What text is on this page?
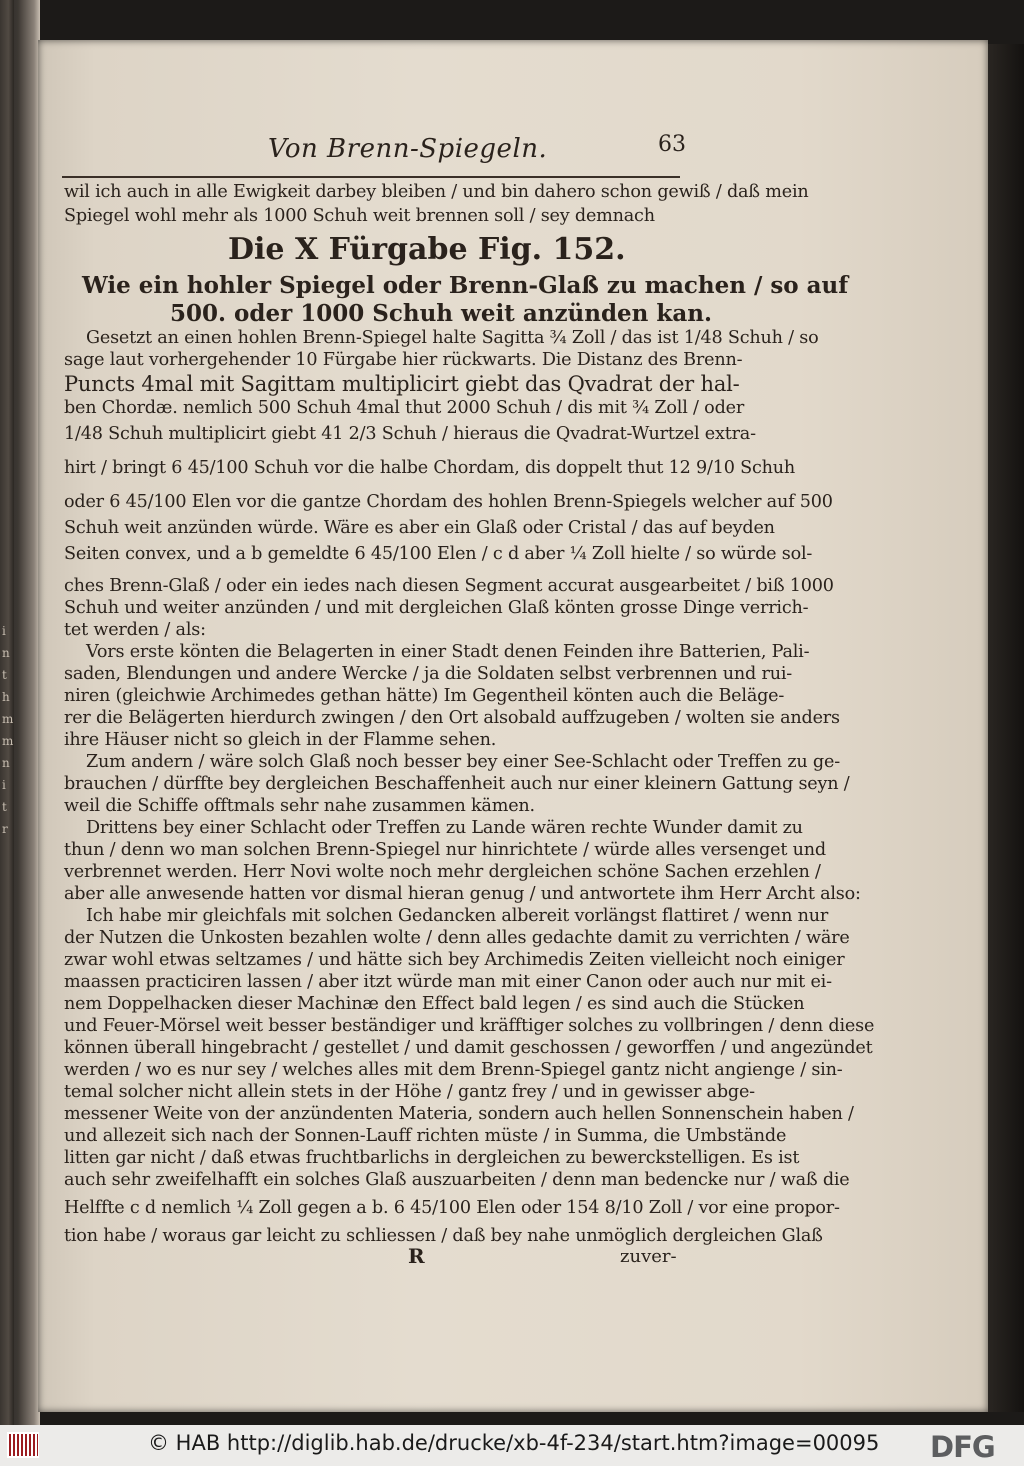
i
n
t
h
m
m
n
i
t
r
Von Brenn-Spiegeln.	63
wil ich auch in alle Ewigkeit darbey bleiben / und bin dahero schon gewiß / daß mein
Spiegel wohl mehr als 1000 Schuh weit brennen soll / sey demnach
Die X Fürgabe Fig. 152.
Wie ein hohler Spiegel oder Brenn-Glaß zu machen / so auf
500. oder 1000 Schuh weit anzünden kan.
Gesetzt an einen hohlen Brenn-Spiegel halte Sagitta ¾ Zoll / das ist 1/48 Schuh / so
sage laut vorhergehender 10 Fürgabe hier rückwarts. Die Distanz des Brenn-
Puncts 4mal mit Sagittam multiplicirt giebt das Qvadrat der hal-
ben Chordæ. nemlich 500 Schuh 4mal thut 2000 Schuh / dis mit ¾ Zoll / oder
1/48 Schuh multiplicirt giebt 41 2/3 Schuh / hieraus die Qvadrat-Wurtzel extra-
hirt / bringt 6 45/100 Schuh vor die halbe Chordam, dis doppelt thut 12 9/10 Schuh
oder 6 45/100 Elen vor die gantze Chordam des hohlen Brenn-Spiegels welcher auf 500
Schuh weit anzünden würde. Wäre es aber ein Glaß oder Cristal / das auf beyden
Seiten convex, und a b gemeldte 6 45/100 Elen / c d aber ¼ Zoll hielte / so würde sol-
ches Brenn-Glaß / oder ein iedes nach diesen Segment accurat ausgearbeitet / biß 1000
Schuh und weiter anzünden / und mit dergleichen Glaß könten grosse Dinge verrich-
tet werden / als:
Vors erste könten die Belagerten in einer Stadt denen Feinden ihre Batterien, Pali-
saden, Blendungen und andere Wercke / ja die Soldaten selbst verbrennen und rui-
niren (gleichwie Archimedes gethan hätte) Im Gegentheil könten auch die Beläge-
rer die Belägerten hierdurch zwingen / den Ort alsobald auffzugeben / wolten sie anders
ihre Häuser nicht so gleich in der Flamme sehen.
Zum andern / wäre solch Glaß noch besser bey einer See-Schlacht oder Treffen zu ge-
brauchen / dürffte bey dergleichen Beschaffenheit auch nur einer kleinern Gattung seyn /
weil die Schiffe offtmals sehr nahe zusammen kämen.
Drittens bey einer Schlacht oder Treffen zu Lande wären rechte Wunder damit zu
thun / denn wo man solchen Brenn-Spiegel nur hinrichtete / würde alles versenget und
verbrennet werden. Herr Novi wolte noch mehr dergleichen schöne Sachen erzehlen /
aber alle anwesende hatten vor dismal hieran genug / und antwortete ihm Herr Archt also:
Ich habe mir gleichfals mit solchen Gedancken albereit vorlängst flattiret / wenn nur
der Nutzen die Unkosten bezahlen wolte / denn alles gedachte damit zu verrichten / wäre
zwar wohl etwas seltzames / und hätte sich bey Archimedis Zeiten vielleicht noch einiger
maassen practiciren lassen / aber itzt würde man mit einer Canon oder auch nur mit ei-
nem Doppelhacken dieser Machinæ den Effect bald legen / es sind auch die Stücken
und Feuer-Mörsel weit besser beständiger und kräfftiger solches zu vollbringen / denn diese
können überall hingebracht / gestellet / und damit geschossen / geworffen / und angezündet
werden / wo es nur sey / welches alles mit dem Brenn-Spiegel gantz nicht angienge / sin-
temal solcher nicht allein stets in der Höhe / gantz frey / und in gewisser abge-
messener Weite von der anzündenten Materia, sondern auch hellen Sonnenschein haben /
und allezeit sich nach der Sonnen-Lauff richten müste / in Summa, die Umbstände
litten gar nicht / daß etwas fruchtbarlichs in dergleichen zu bewerckstelligen. Es ist
auch sehr zweifelhafft ein solches Glaß auszuarbeiten / denn man bedencke nur / waß die
Helffte c d nemlich ¼ Zoll gegen a b. 6 45/100 Elen oder 154 8/10 Zoll / vor eine propor-
tion habe / woraus gar leicht zu schliessen / daß bey nahe unmöglich dergleichen Glaß
R	zuver-
© HAB http://diglib.hab.de/drucke/xb-4f-234/start.htm?image=00095 DFG
